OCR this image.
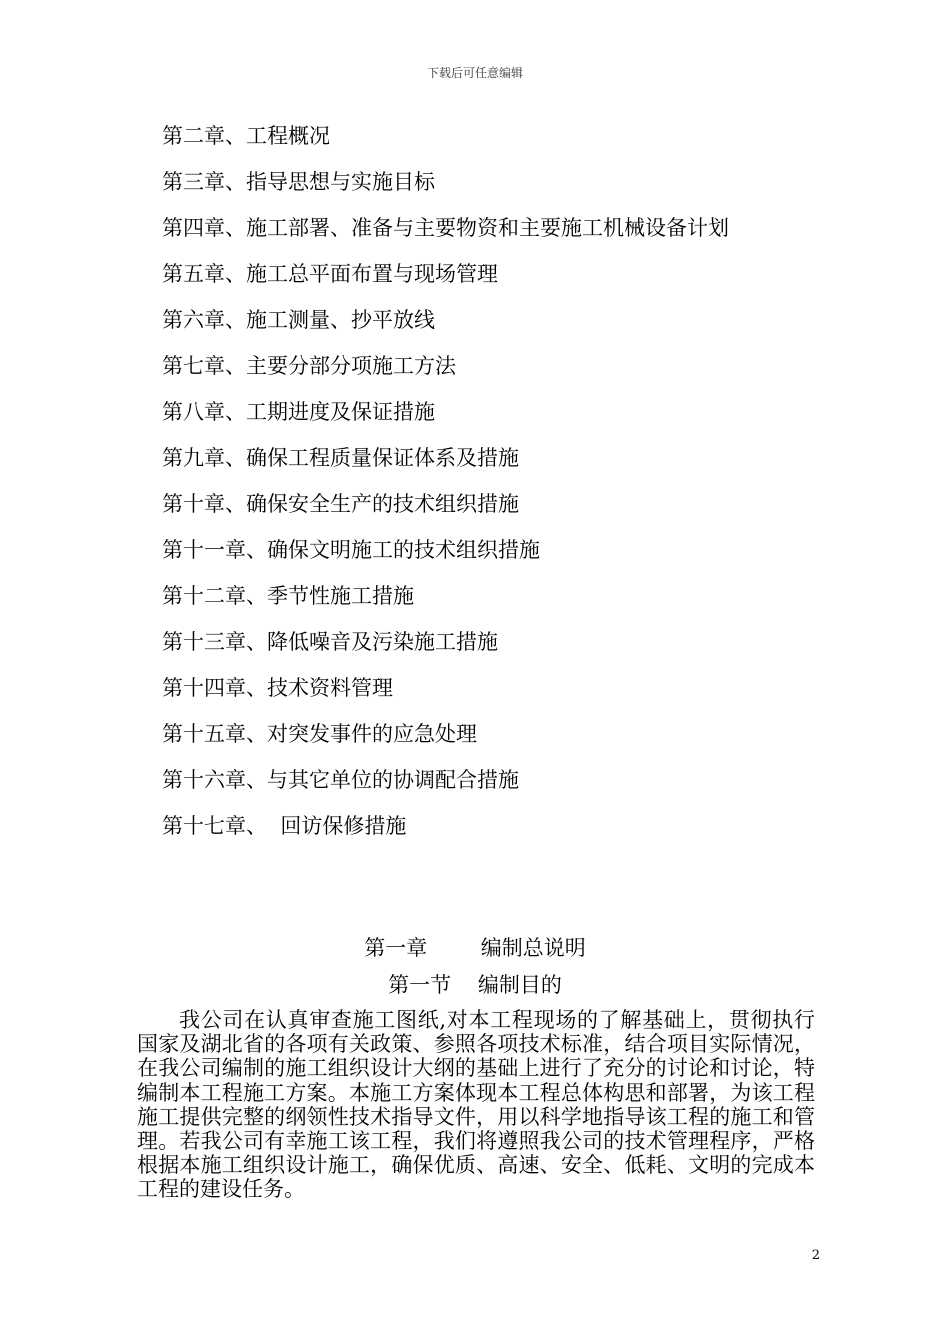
下载后可任意编辑
第二章、工程概况
第三章、指导思想与实施目标
第四章、施工部署、准备与主要物资和主要施工机械设备计划
第五章、施工总平面布置与现场管理
第六章、施工测量、抄平放线
第七章、主要分部分项施工方法
第八章、工期进度及保证措施
第九章、确保工程质量保证体系及措施
第十章、确保安全生产的技术组织措施
第十一章、确保文明施工的技术组织措施
第十二章、季节性施工措施
第十三章、降低噪音及污染施工措施
第十四章、技术资料管理
第十五章、对突发事件的应急处理
第十六章、与其它单位的协调配合措施
第十七章、  回访保修措施
第一章        编制总说明
第一节    编制目的

我公司在认真审查施工图纸,对本工程现场的了解基础上，贯彻执行国家及湖北省的各项有关政策、参照各项技术标准，结合项目实际情况，在我公司编制的施工组织设计大纲的基础上进行了充分的讨论和讨论，特编制本工程施工方案。本施工方案体现本工程总体构思和部署，为该工程施工提供完整的纲领性技术指导文件，用以科学地指导该工程的施工和管理。若我公司有幸施工该工程，我们将遵照我公司的技术管理程序，严格根据本施工组织设计施工，确保优质、高速、安全、低耗、文明的完成本工程的建设任务。

2
